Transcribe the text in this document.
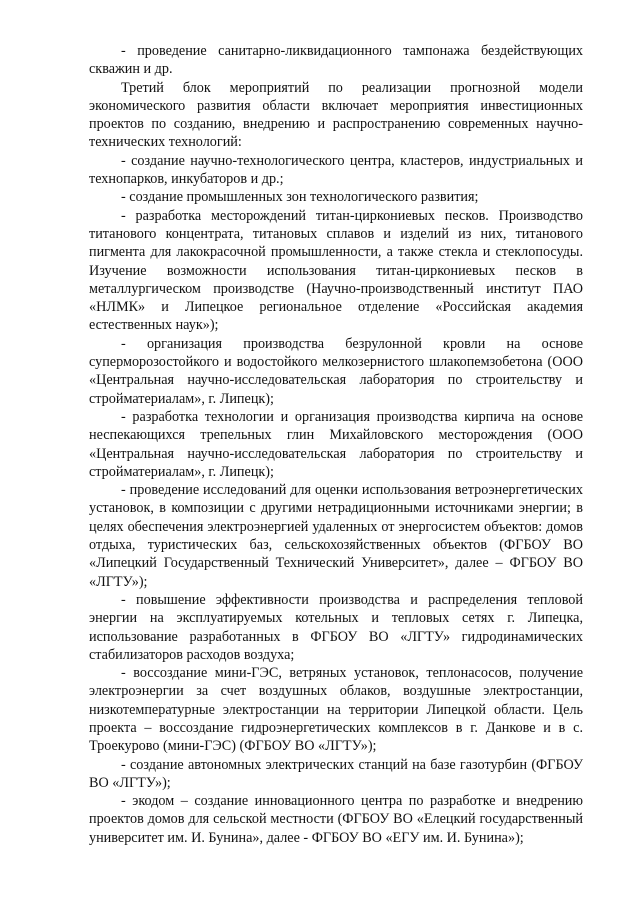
- проведение санитарно-ликвидационного тампонажа бездействующих скважин и др.

Третий блок мероприятий по реализации прогнозной модели экономического развития области включает мероприятия инвестиционных проектов по созданию, внедрению и распространению современных научно-технических технологий:

- создание научно-технологического центра, кластеров, индустриальных и технопарков, инкубаторов и др.;

- создание промышленных зон технологического развития;

- разработка месторождений титан-циркониевых песков. Производство титанового концентрата, титановых сплавов и изделий из них, титанового пигмента для лакокрасочной промышленности, а также стекла и стеклопосуды. Изучение возможности использования титан-циркониевых песков в металлургическом производстве (Научно-производственный институт ПАО «НЛМК» и Липецкое региональное отделение «Российская академия естественных наук»);

- организация производства безрулонной кровли на основе суперморозостойкого и водостойкого мелкозернистого шлакопемзобетона (ООО «Центральная научно-исследовательская лаборатория по строительству и стройматериалам», г. Липецк);

- разработка технологии и организация производства кирпича на основе неспекающихся трепельных глин Михайловского месторождения (ООО «Центральная научно-исследовательская лаборатория по строительству и стройматериалам», г. Липецк);

- проведение исследований для оценки использования ветроэнергетических установок, в композиции с другими нетрадиционными источниками энергии; в целях обеспечения электроэнергией удаленных от энергосистем объектов: домов отдыха, туристических баз, сельскохозяйственных объектов (ФГБОУ ВО «Липецкий Государственный Технический Университет», далее – ФГБОУ ВО «ЛГТУ»);

- повышение эффективности производства и распределения тепловой энергии на эксплуатируемых котельных и тепловых сетях г. Липецка, использование разработанных в ФГБОУ ВО «ЛГТУ» гидродинамических стабилизаторов расходов воздуха;

- воссоздание мини-ГЭС, ветряных установок, теплонасосов, получение электроэнергии за счет воздушных облаков, воздушные электростанции, низкотемпературные электростанции на территории Липецкой области. Цель проекта – воссоздание гидроэнергетических комплексов в г. Данкове и в с. Троекурово (мини-ГЭС) (ФГБОУ ВО «ЛГТУ»);

- создание автономных электрических станций на базе газотурбин (ФГБОУ ВО «ЛГТУ»);

- экодом – создание инновационного центра по разработке и внедрению проектов домов для сельской местности (ФГБОУ ВО «Елецкий государственный университет им. И. Бунина», далее - ФГБОУ ВО «ЕГУ им. И. Бунина»);
